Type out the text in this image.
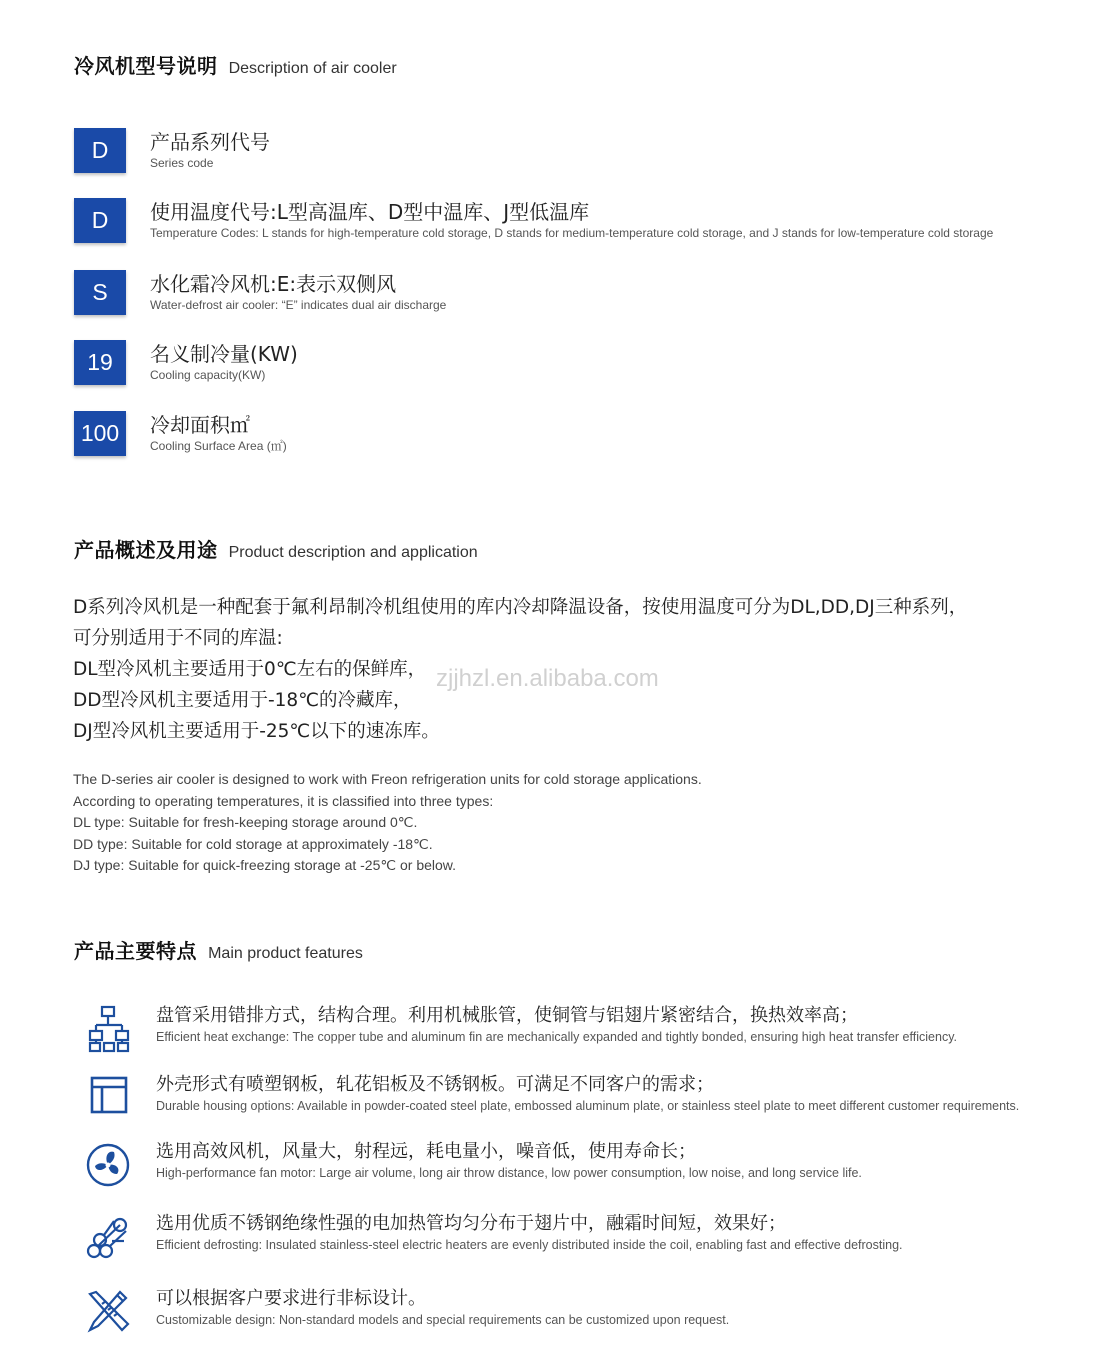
冷风机型号说明 Description of air cooler
D	产品系列代号
Series code
D	使用温度代号:L型高温库、D型中温库、J型低温库
Temperature Codes: L stands for high-temperature cold storage, D stands for medium-temperature cold storage, and J stands for low-temperature cold storage
S	水化霜冷风机:E:表示双侧风
Water-defrost air cooler: “E” indicates dual air discharge
19	名义制冷量(KW)
Cooling capacity(KW)
100	冷却面积㎡
Cooling Surface Area (㎡)
产品概述及用途 Product description and application
D系列冷风机是一种配套于氟利昂制冷机组使用的库内冷却降温设备，按使用温度可分为DL,DD,DJ三种系列，
可分别适用于不同的库温:
DL型冷风机主要适用于0℃左右的保鲜库，
DD型冷风机主要适用于-18℃的冷藏库，
DJ型冷风机主要适用于-25℃以下的速冻库。
zjjhzl.en.alibaba.com
The D-series air cooler is designed to work with Freon refrigeration units for cold storage applications.
According to operating temperatures, it is classified into three types:
DL type: Suitable for fresh-keeping storage around 0℃.
DD type: Suitable for cold storage at approximately -18℃.
DJ type: Suitable for quick-freezing storage at -25℃ or below.
产品主要特点 Main product features
盘管采用错排方式，结构合理。利用机械胀管，使铜管与铝翅片紧密结合，换热效率高；
Efficient heat exchange: The copper tube and aluminum fin are mechanically expanded and tightly bonded, ensuring high heat transfer efficiency.
外壳形式有喷塑钢板，轧花铝板及不锈钢板。可满足不同客户的需求；
Durable housing options: Available in powder-coated steel plate, embossed aluminum plate, or stainless steel plate to meet different customer requirements.
选用高效风机，风量大，射程远，耗电量小，噪音低，使用寿命长；
High-performance fan motor: Large air volume, long air throw distance, low power consumption, low noise, and long service life.
选用优质不锈钢绝缘性强的电加热管均匀分布于翅片中，融霜时间短，效果好；
Efficient defrosting: Insulated stainless-steel electric heaters are evenly distributed inside the coil, enabling fast and effective defrosting.
可以根据客户要求进行非标设计。
Customizable design: Non-standard models and special requirements can be customized upon request.
